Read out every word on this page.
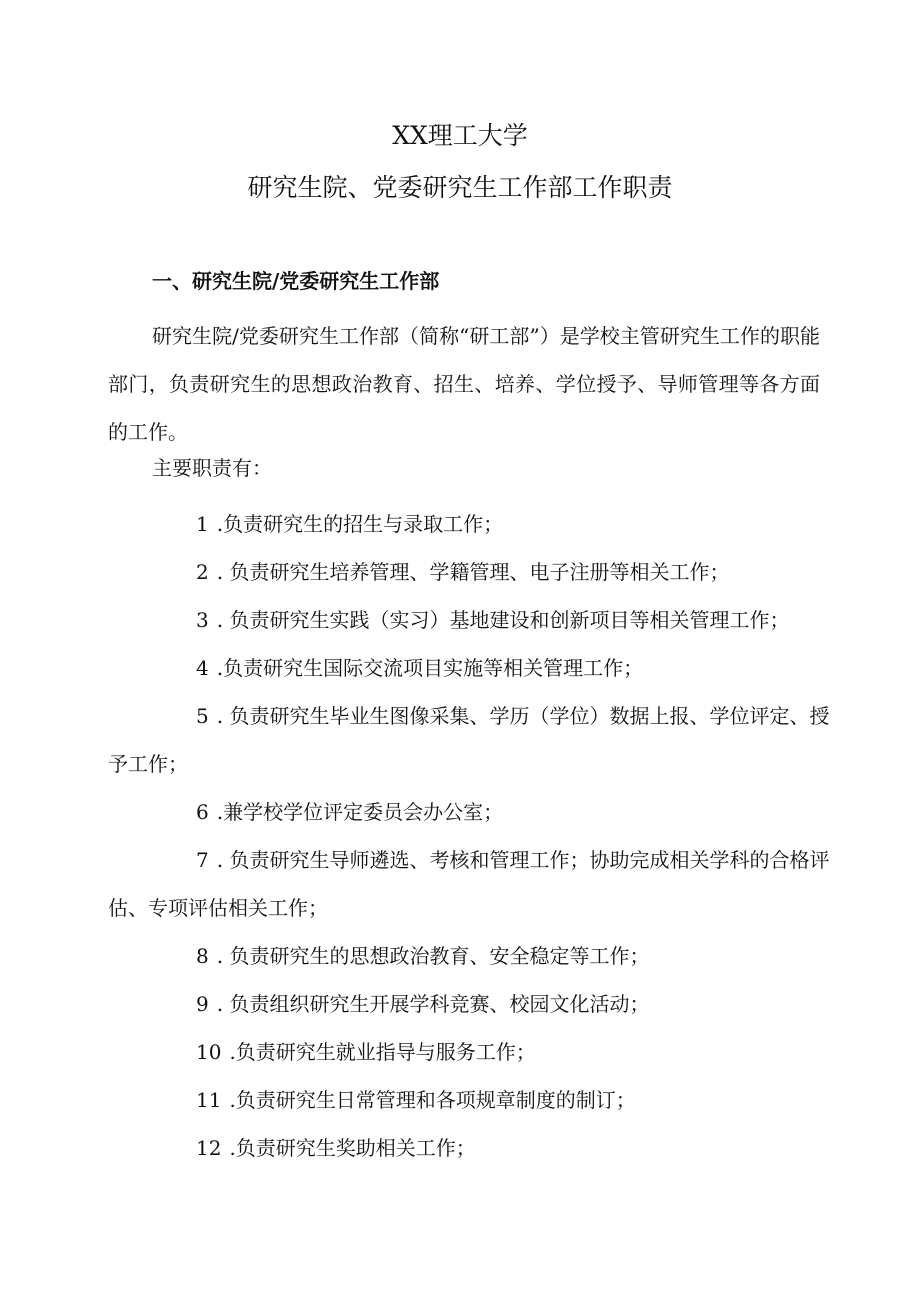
XX理工大学
研究生院、党委研究生工作部工作职责
一、研究生院/党委研究生工作部

研究生院/党委研究生工作部（简称“研工部”）是学校主管研究生工作的职能部门，负责研究生的思想政治教育、招生、培养、学位授予、导师管理等各方面的工作。

主要职责有：
1 .负责研究生的招生与录取工作；
2 . 负责研究生培养管理、学籍管理、电子注册等相关工作；
3 . 负责研究生实践（实习）基地建设和创新项目等相关管理工作；
4 .负责研究生国际交流项目实施等相关管理工作；
5 . 负责研究生毕业生图像采集、学历（学位）数据上报、学位评定、授予工作；
6 .兼学校学位评定委员会办公室；
7 . 负责研究生导师遴选、考核和管理工作；协助完成相关学科的合格评估、专项评估相关工作；
8 . 负责研究生的思想政治教育、安全稳定等工作；
9 . 负责组织研究生开展学科竞赛、校园文化活动；
10 .负责研究生就业指导与服务工作；
11 .负责研究生日常管理和各项规章制度的制订；
12 .负责研究生奖助相关工作；
